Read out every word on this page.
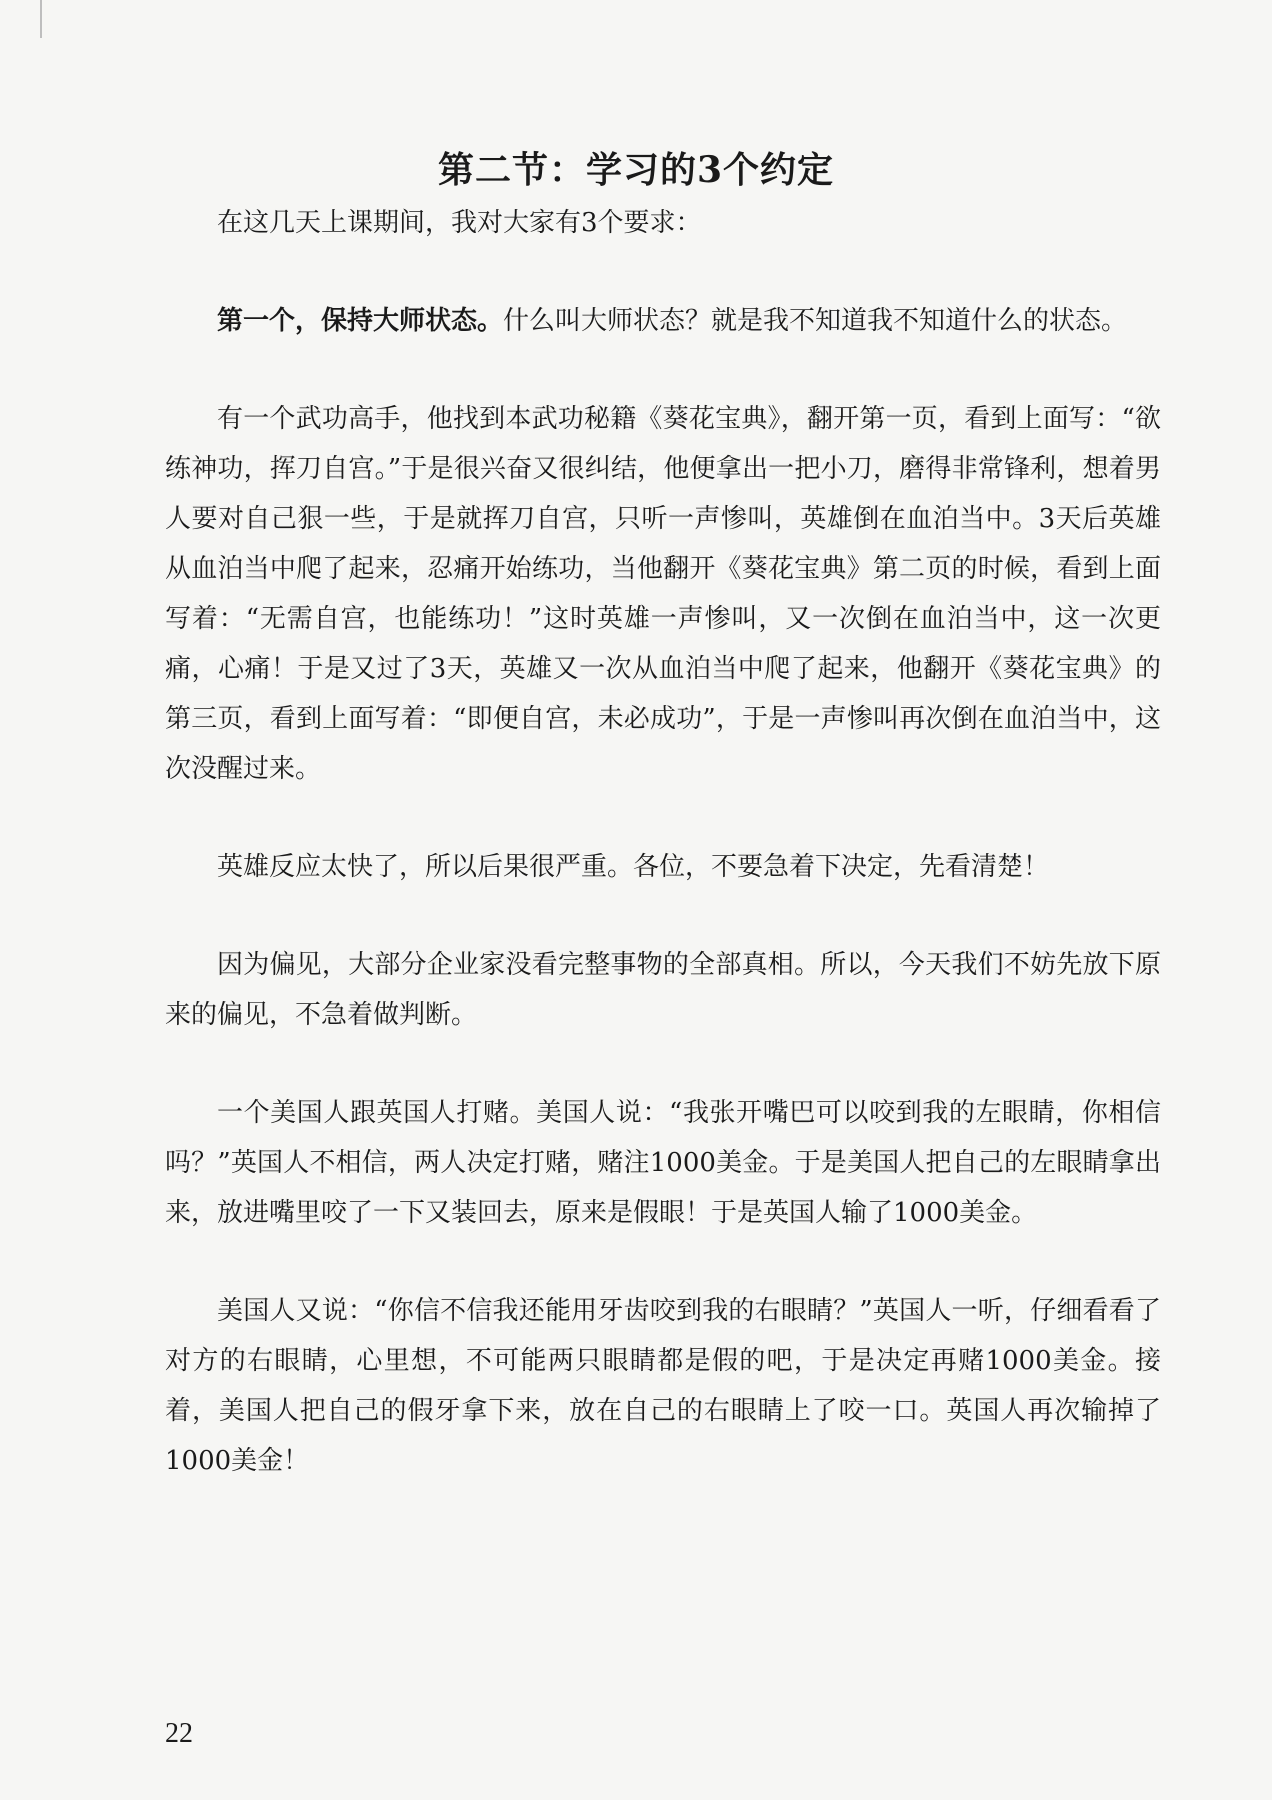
第二节：学习的3个约定

在这几天上课期间，我对大家有3个要求：

第一个，保持大师状态。什么叫大师状态？就是我不知道我不知道什么的状态。

有一个武功高手，他找到本武功秘籍《葵花宝典》，翻开第一页，看到上面写：“欲练神功，挥刀自宫。”于是很兴奋又很纠结，他便拿出一把小刀，磨得非常锋利，想着男人要对自己狠一些，于是就挥刀自宫，只听一声惨叫，英雄倒在血泊当中。3天后英雄从血泊当中爬了起来，忍痛开始练功，当他翻开《葵花宝典》第二页的时候，看到上面写着：“无需自宫，也能练功！”这时英雄一声惨叫，又一次倒在血泊当中，这一次更痛，心痛！于是又过了3天，英雄又一次从血泊当中爬了起来，他翻开《葵花宝典》的第三页，看到上面写着：“即便自宫，未必成功”，于是一声惨叫再次倒在血泊当中，这次没醒过来。

英雄反应太快了，所以后果很严重。各位，不要急着下决定，先看清楚！

因为偏见，大部分企业家没看完整事物的全部真相。所以，今天我们不妨先放下原来的偏见，不急着做判断。

一个美国人跟英国人打赌。美国人说：“我张开嘴巴可以咬到我的左眼睛，你相信吗？”英国人不相信，两人决定打赌，赌注1000美金。于是美国人把自己的左眼睛拿出来，放进嘴里咬了一下又装回去，原来是假眼！于是英国人输了1000美金。

美国人又说：“你信不信我还能用牙齿咬到我的右眼睛？”英国人一听，仔细看看了对方的右眼睛，心里想，不可能两只眼睛都是假的吧，于是决定再赌1000美金。接着，美国人把自己的假牙拿下来，放在自己的右眼睛上了咬一口。英国人再次输掉了1000美金！

22
